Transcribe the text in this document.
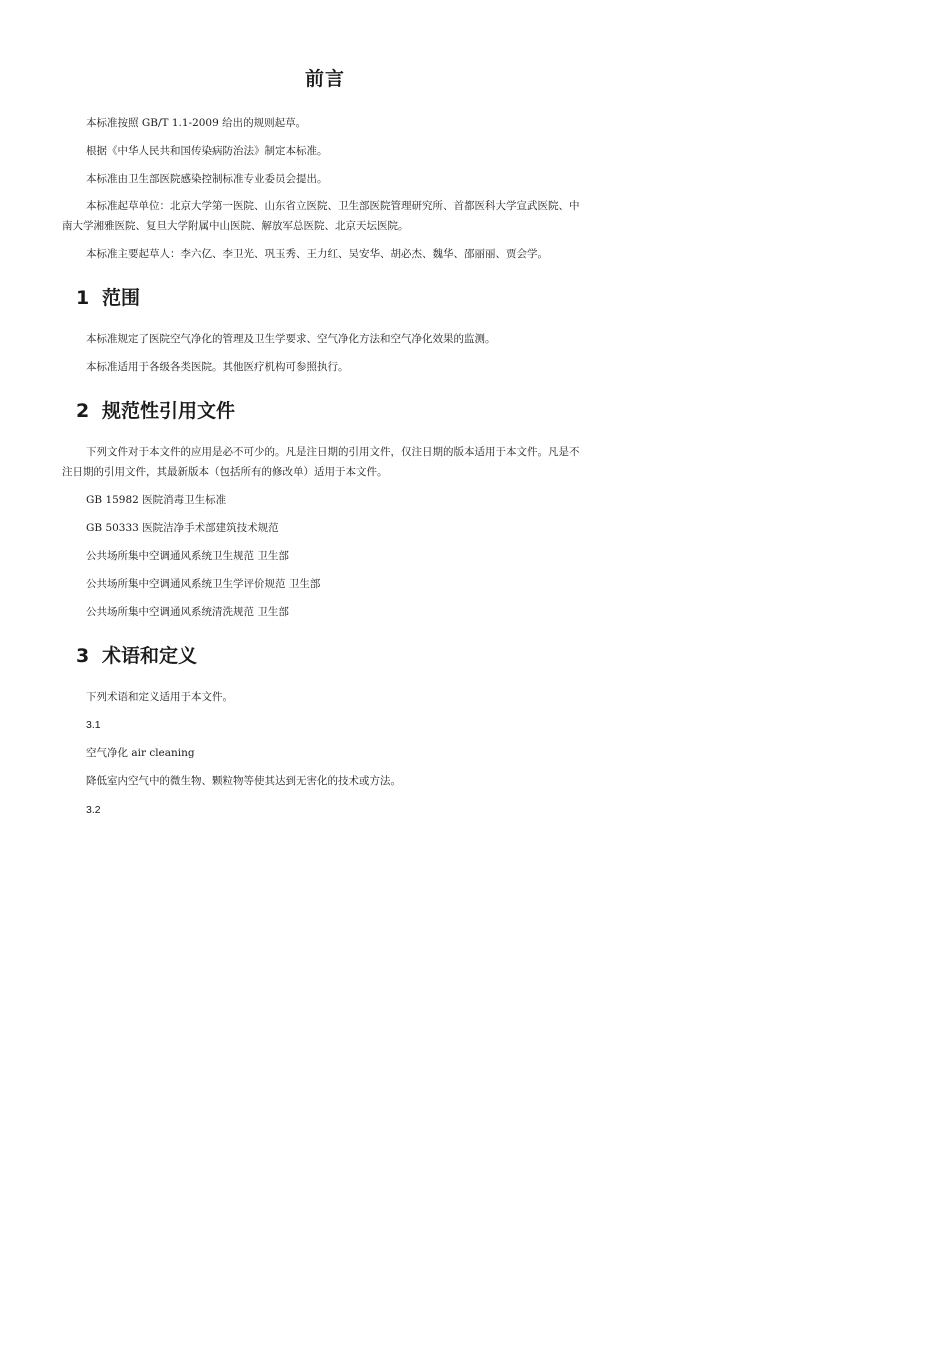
前言
本标准按照 GB/T 1.1-2009 给出的规则起草。
根据《中华人民共和国传染病防治法》制定本标准。
本标准由卫生部医院感染控制标准专业委员会提出。
本标准起草单位：北京大学第一医院、山东省立医院、卫生部医院管理研究所、首都医科大学宣武医院、中南大学湘雅医院、复旦大学附属中山医院、解放军总医院、北京天坛医院。
本标准主要起草人：李六亿、李卫光、巩玉秀、王力红、吴安华、胡必杰、魏华、邵丽丽、贾会学。
1 范围
本标准规定了医院空气净化的管理及卫生学要求、空气净化方法和空气净化效果的监测。
本标准适用于各级各类医院。其他医疗机构可参照执行。
2 规范性引用文件
下列文件对于本文件的应用是必不可少的。凡是注日期的引用文件，仅注日期的版本适用于本文件。凡是不注日期的引用文件，其最新版本（包括所有的修改单）适用于本文件。
GB 15982 医院消毒卫生标准
GB 50333 医院洁净手术部建筑技术规范
公共场所集中空调通风系统卫生规范 卫生部
公共场所集中空调通风系统卫生学评价规范 卫生部
公共场所集中空调通风系统清洗规范 卫生部
3 术语和定义
下列术语和定义适用于本文件。
3.1
空气净化 air cleaning
降低室内空气中的微生物、颗粒物等使其达到无害化的技术或方法。
3.2
